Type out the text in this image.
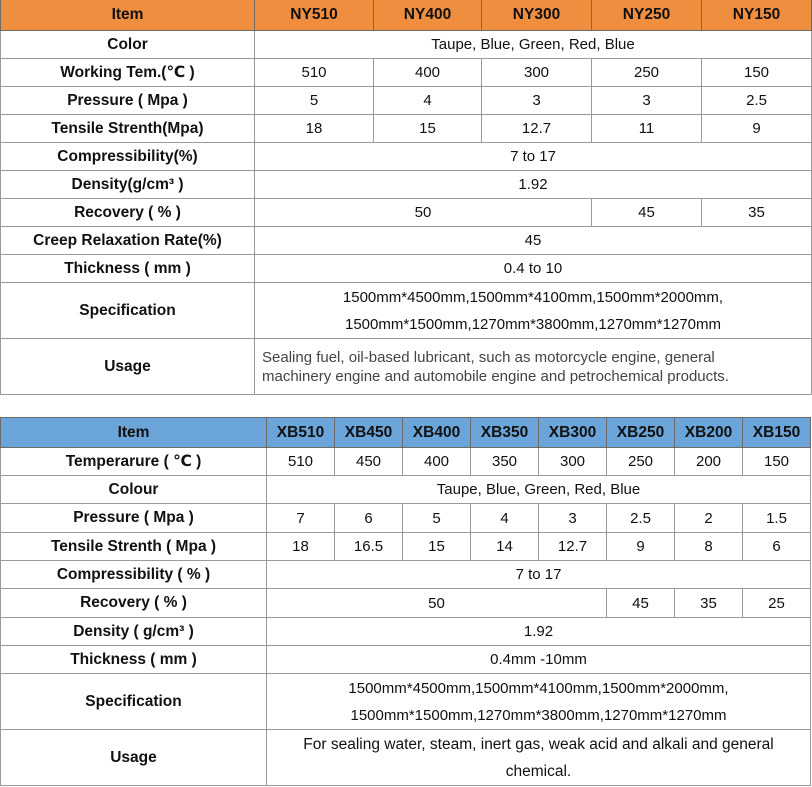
Item	NY510	NY400	NY300	NY250	NY150
Color	Taupe, Blue, Green, Red, Blue				
Working Tem.(℃ )	510	400	300	250	150
Pressure ( Mpa )	5	4	3	3	2.5
Tensile Strenth(Mpa)	18	15	12.7	11	9
Compressibility(%)	7 to 17				
Density(g/cm³ )	1.92				
Recovery ( % )	50			45	35
Creep Relaxation Rate(%)	45				
Thickness ( mm )	0.4 to 10				
Specification	1500mm*4500mm,1500mm*4100mm,1500mm*2000mm,
1500mm*1500mm,1270mm*3800mm,1270mm*1270mm				

Usage	Sealing fuel, oil-based lubricant, such as motorcycle engine, general
machinery engine and automobile engine and petrochemical products.				
Item	XB510	XB450	XB400	XB350	XB300	XB250	XB200	XB150
Temperarure ( ℃ )	510	450	400	350	300	250	200	150
Colour	Taupe, Blue, Green, Red, Blue							
Pressure ( Mpa )	7	6	5	4	3	2.5	2	1.5
Tensile Strenth ( Mpa )	18	16.5	15	14	12.7	9	8	6
Compressibility ( % )	7 to 17							
Recovery ( % )	50					45	35	25
Density ( g/cm³ )	1.92							
Thickness ( mm )	0.4mm -10mm							
Specification	1500mm*4500mm,1500mm*4100mm,1500mm*2000mm,
1500mm*1500mm,1270mm*3800mm,1270mm*1270mm							

Usage	For sealing water, steam, inert gas, weak acid and alkali and general
chemical.							
